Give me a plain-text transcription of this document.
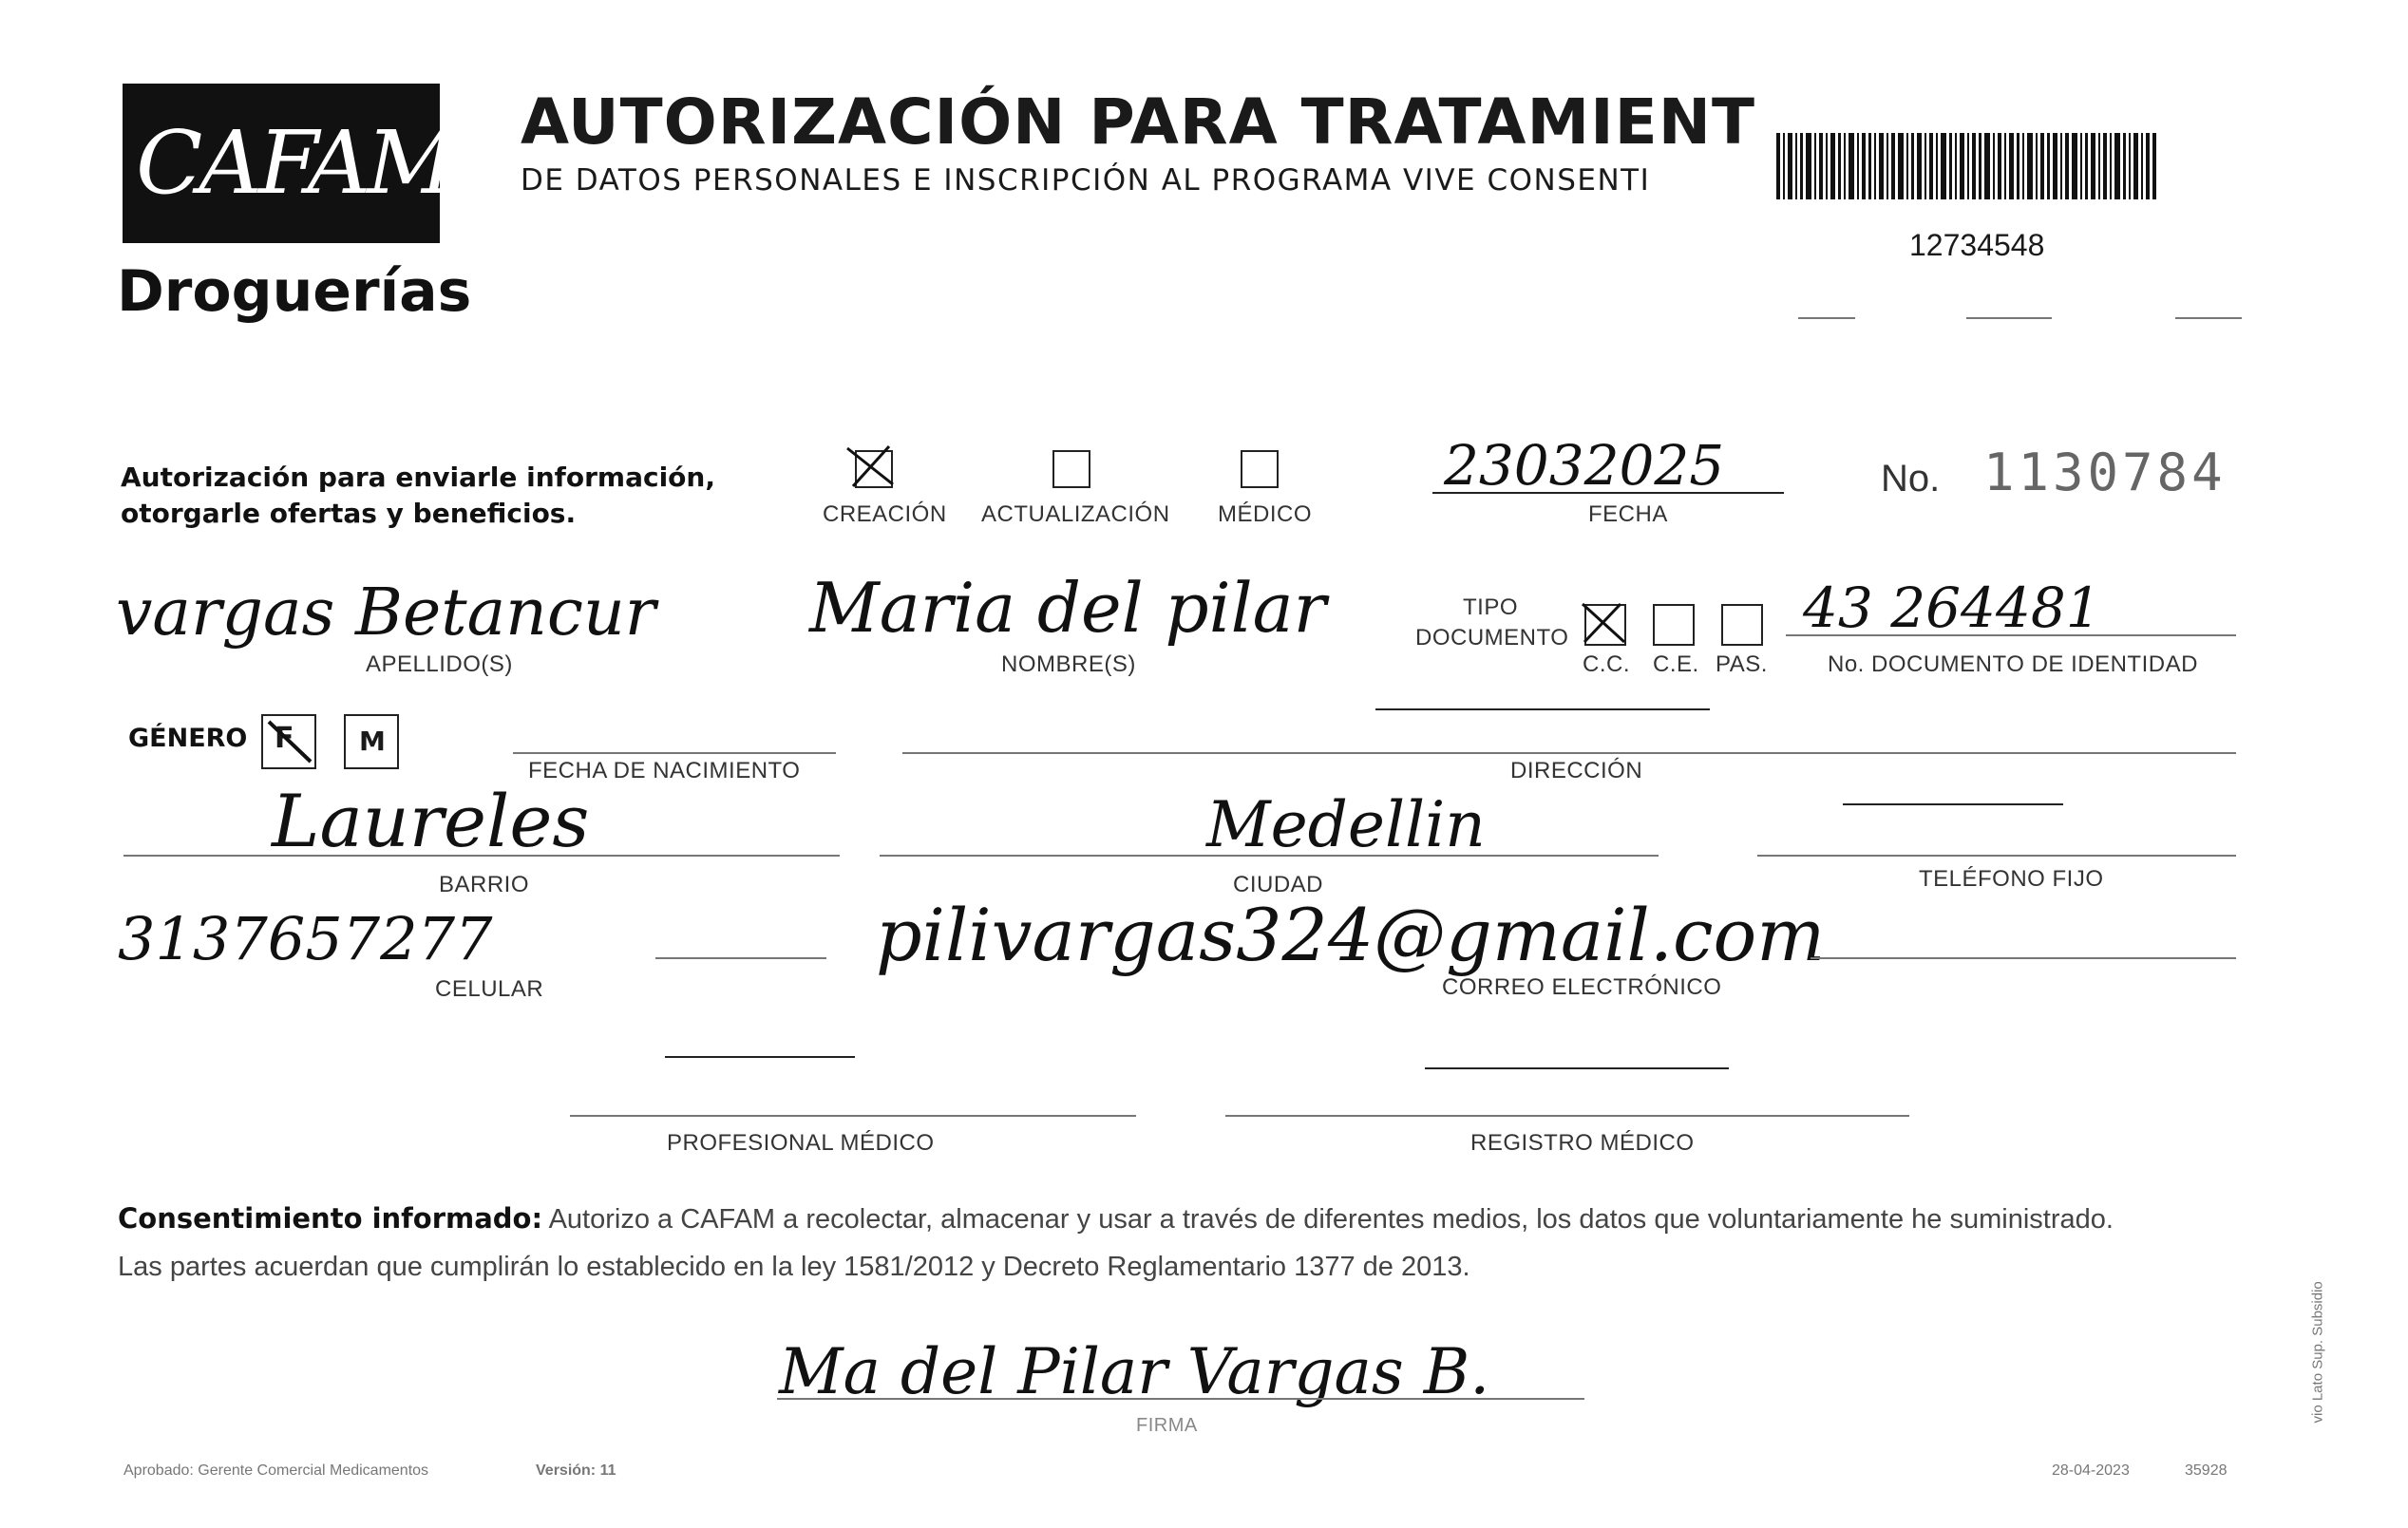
CAFAM
Droguerías
AUTORIZACIÓN PARA TRATAMIENT
DE DATOS PERSONALES E INSCRIPCIÓN AL PROGRAMA VIVE CONSENTI
12734548
Autorización para enviarle información,
otorgarle ofertas y beneficios.	CREACIÓN ACTUALIZACIÓN MÉDICO
23032025
FECHA
No. 1130784
vargas Betancur
APELLIDO(S)
Maria del pilar
NOMBRE(S)
TIPO
DOCUMENTO
C.C. C.E. PAS.
43 264481
No. DOCUMENTO DE IDENTIDAD
GÉNERO F M
FECHA DE NACIMIENTO	DIRECCIÓN
Laureles
BARRIO
Medellin
CIUDAD	TELÉFONO FIJO
3137657277
CELULAR
pilivargas324@gmail.com
CORREO ELECTRÓNICO
PROFESIONAL MÉDICO	REGISTRO MÉDICO
Consentimiento informado: Autorizo a CAFAM a recolectar, almacenar y usar a través de diferentes medios, los datos que voluntariamente he suministrado.
Las partes acuerdan que cumplirán lo establecido en la ley 1581/2012 y Decreto Reglamentario 1377 de 2013.
Ma del Pilar Vargas B.
FIRMA
Aprobado: Gerente Comercial Medicamentos	Versión: 11	28-04-2023	35928
vio Lato Sup. Subsidio
